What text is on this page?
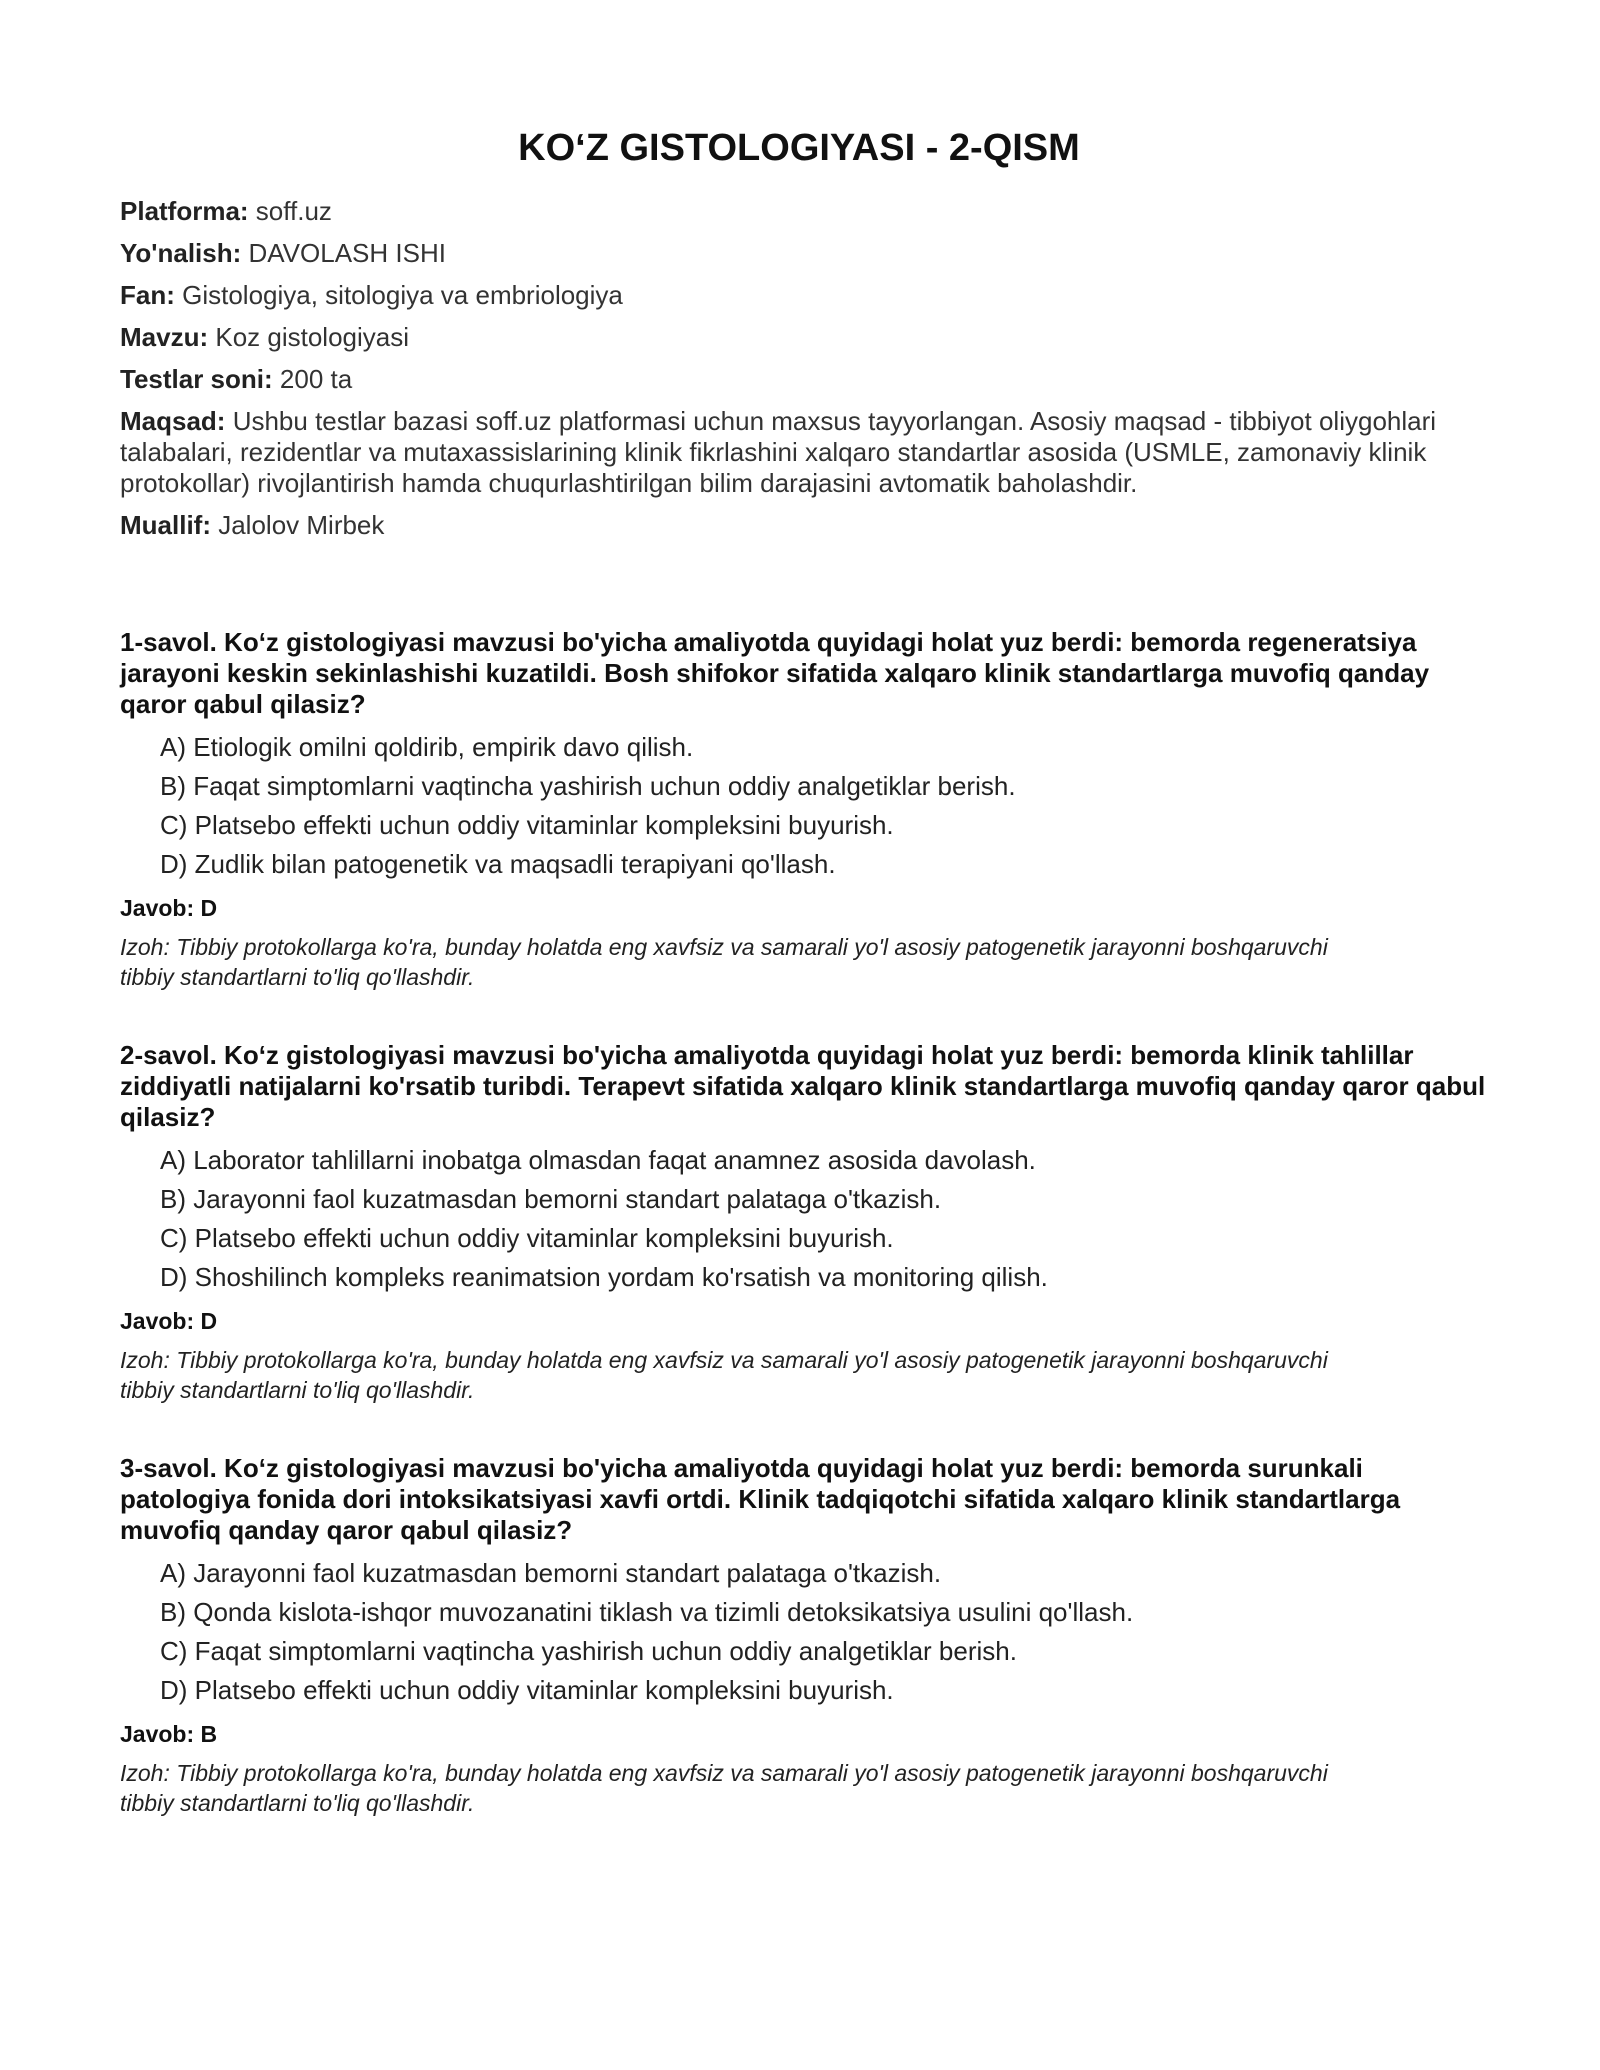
KO‘Z GISTOLOGIYASI - 2-QISM
Platforma: soff.uz
Yo'nalish: DAVOLASH ISHI
Fan: Gistologiya, sitologiya va embriologiya
Mavzu: Koz gistologiyasi
Testlar soni: 200 ta
Maqsad: Ushbu testlar bazasi soff.uz platformasi uchun maxsus tayyorlangan. Asosiy maqsad - tibbiyot oliygohlari talabalari, rezidentlar va mutaxassislarining klinik fikrlashini xalqaro standartlar asosida (USMLE, zamonaviy klinik protokollar) rivojlantirish hamda chuqurlashtirilgan bilim darajasini avtomatik baholashdir.
Muallif: Jalolov Mirbek

1-savol. Ko‘z gistologiyasi mavzusi bo'yicha amaliyotda quyidagi holat yuz berdi: bemorda regeneratsiya jarayoni keskin sekinlashishi kuzatildi. Bosh shifokor sifatida xalqaro klinik standartlarga muvofiq qanday qaror qabul qilasiz?

A) Etiologik omilni qoldirib, empirik davo qilish.
B) Faqat simptomlarni vaqtincha yashirish uchun oddiy analgetiklar berish.
C) Platsebo effekti uchun oddiy vitaminlar kompleksini buyurish.
D) Zudlik bilan patogenetik va maqsadli terapiyani qo'llash.
Javob: D
Izoh: Tibbiy protokollarga ko'ra, bunday holatda eng xavfsiz va samarali yo'l asosiy patogenetik jarayonni boshqaruvchi tibbiy standartlarni to'liq qo'llashdir.

2-savol. Ko‘z gistologiyasi mavzusi bo'yicha amaliyotda quyidagi holat yuz berdi: bemorda klinik tahlillar ziddiyatli natijalarni ko'rsatib turibdi. Terapevt sifatida xalqaro klinik standartlarga muvofiq qanday qaror qabul qilasiz?

A) Laborator tahlillarni inobatga olmasdan faqat anamnez asosida davolash.
B) Jarayonni faol kuzatmasdan bemorni standart palataga o'tkazish.
C) Platsebo effekti uchun oddiy vitaminlar kompleksini buyurish.
D) Shoshilinch kompleks reanimatsion yordam ko'rsatish va monitoring qilish.
Javob: D
Izoh: Tibbiy protokollarga ko'ra, bunday holatda eng xavfsiz va samarali yo'l asosiy patogenetik jarayonni boshqaruvchi tibbiy standartlarni to'liq qo'llashdir.

3-savol. Ko‘z gistologiyasi mavzusi bo'yicha amaliyotda quyidagi holat yuz berdi: bemorda surunkali patologiya fonida dori intoksikatsiyasi xavfi ortdi. Klinik tadqiqotchi sifatida xalqaro klinik standartlarga muvofiq qanday qaror qabul qilasiz?

A) Jarayonni faol kuzatmasdan bemorni standart palataga o'tkazish.
B) Qonda kislota-ishqor muvozanatini tiklash va tizimli detoksikatsiya usulini qo'llash.
C) Faqat simptomlarni vaqtincha yashirish uchun oddiy analgetiklar berish.
D) Platsebo effekti uchun oddiy vitaminlar kompleksini buyurish.
Javob: B
Izoh: Tibbiy protokollarga ko'ra, bunday holatda eng xavfsiz va samarali yo'l asosiy patogenetik jarayonni boshqaruvchi tibbiy standartlarni to'liq qo'llashdir.
